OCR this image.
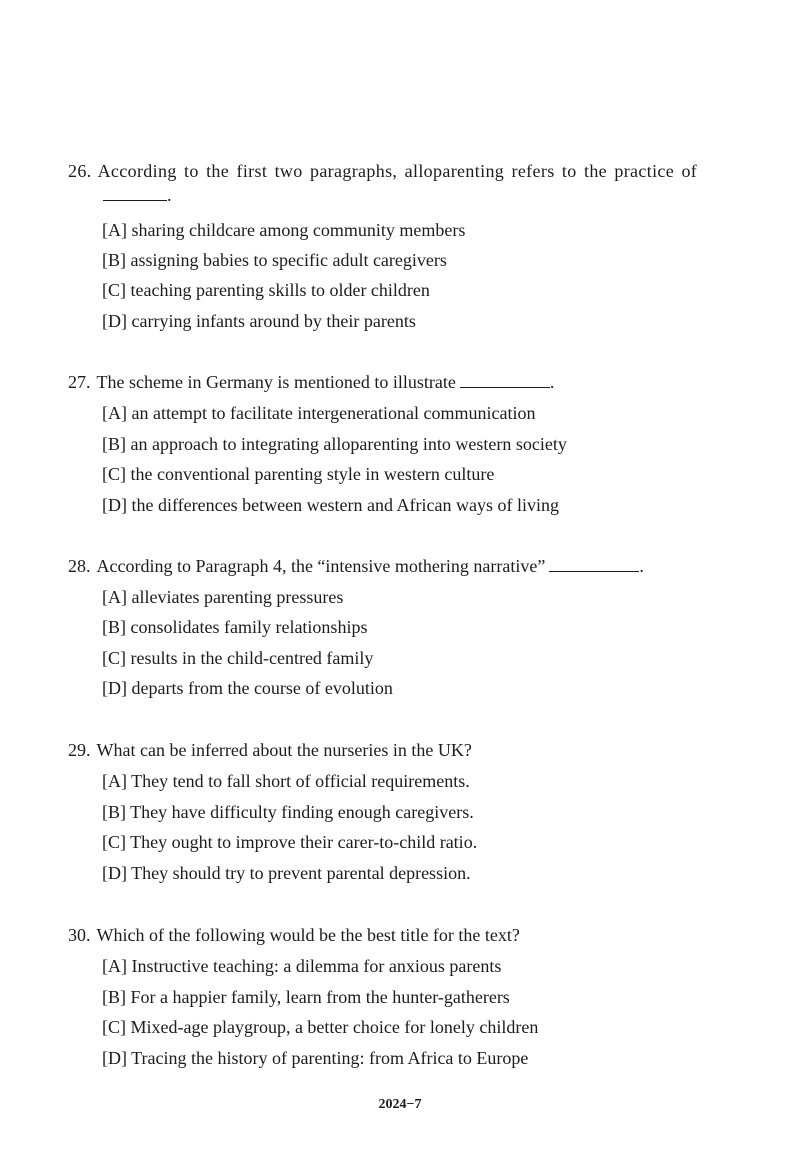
26. According to the first two paragraphs, alloparenting refers to the practice of
.
[A] sharing childcare among community members
[B] assigning babies to specific adult caregivers
[C] teaching parenting skills to older children
[D] carrying infants around by their parents
27. The scheme in Germany is mentioned to illustrate	.
[A] an attempt to facilitate intergenerational communication
[B] an approach to integrating alloparenting into western society
[C] the conventional parenting style in western culture
[D] the differences between western and African ways of living
28. According to Paragraph 4, the “intensive mothering narrative”	.
[A] alleviates parenting pressures
[B] consolidates family relationships
[C] results in the child-centred family
[D] departs from the course of evolution
29. What can be inferred about the nurseries in the UK?
[A] They tend to fall short of official requirements.
[B] They have difficulty finding enough caregivers.
[C] They ought to improve their carer-to-child ratio.
[D] They should try to prevent parental depression.
30. Which of the following would be the best title for the text?
[A] Instructive teaching: a dilemma for anxious parents
[B] For a happier family, learn from the hunter-gatherers
[C] Mixed-age playgroup, a better choice for lonely children
[D] Tracing the history of parenting: from Africa to Europe
2024−7
